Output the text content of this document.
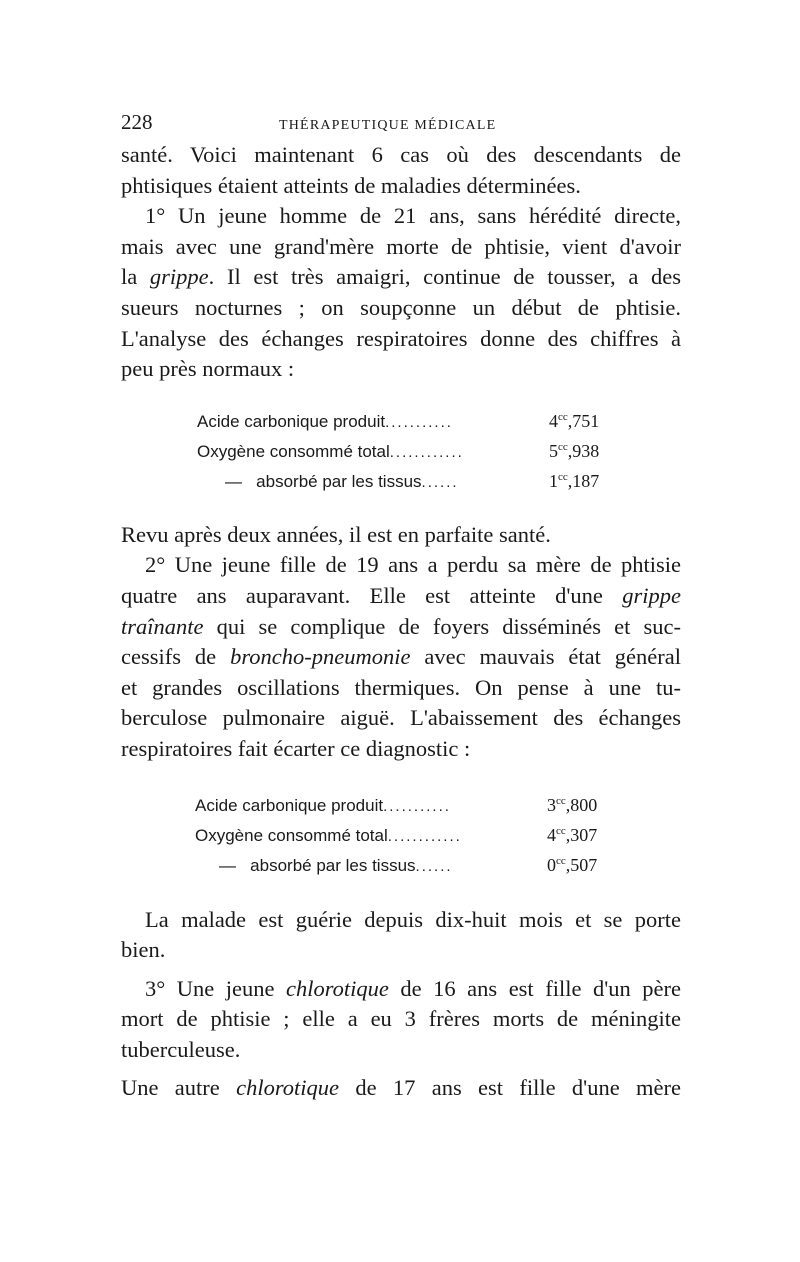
228	THÉRAPEUTIQUE MÉDICALE

santé. Voici maintenant 6 cas où des descendants de
phtisiques étaient atteints de maladies déterminées.

1° Un jeune homme de 21 ans, sans hérédité directe,
mais avec une grand'mère morte de phtisie, vient d'avoir
la grippe. Il est très amaigri, continue de tousser, a des
sueurs nocturnes ; on soupçonne un début de phtisie.
L'analyse des échanges respiratoires donne des chiffres à
peu près normaux :

Acide carbonique produit ...........	$4^{cc},751$
Oxygène consommé total ............	$5^{cc},938$
—   absorbé par les tissus ......	$1^{cc},187$

Revu après deux années, il est en parfaite santé.

2° Une jeune fille de 19 ans a perdu sa mère de phtisie
quatre ans auparavant. Elle est atteinte d'une grippe
traînante qui se complique de foyers disséminés et suc-
cessifs de broncho-pneumonie avec mauvais état général
et grandes oscillations thermiques. On pense à une tu-
berculose pulmonaire aiguë. L'abaissement des échanges
respiratoires fait écarter ce diagnostic :

Acide carbonique produit ...........	$3^{cc},800$
Oxygène consommé total ............	$4^{cc},307$
—   absorbé par les tissus ......	$0^{cc},507$

La malade est guérie depuis dix-huit mois et se porte
bien.

3° Une jeune chlorotique de 16 ans est fille d'un père
mort de phtisie ; elle a eu 3 frères morts de méningite
tuberculeuse.

Une autre chlorotique de 17 ans est fille d'une mère
